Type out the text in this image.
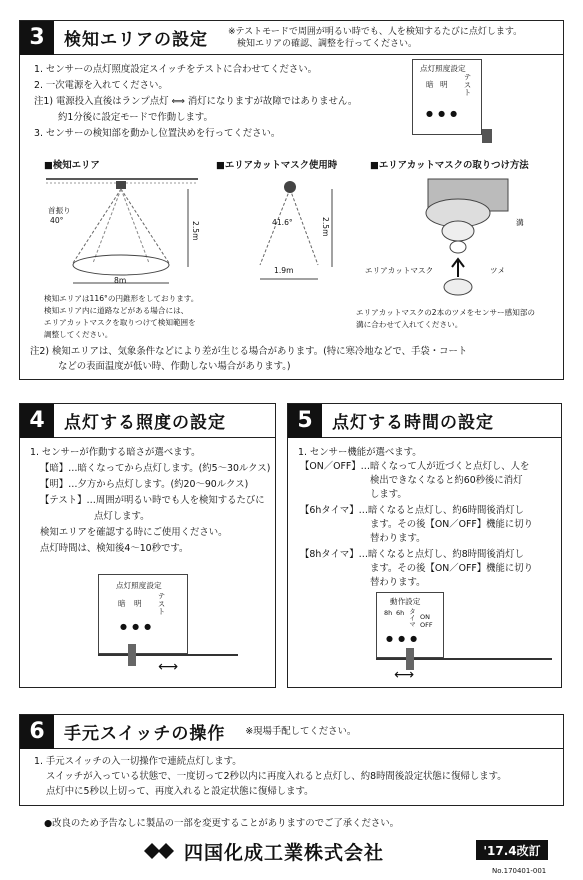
3	検知エリアの設定 ※テストモードで周囲が明るい時でも、人を検知するたびに点灯します。
検知エリアの確認、調整を行ってください。
1. センサーの点灯照度設定スイッチをテストに合わせてください。
2. 一次電源を入れてください。
注1) 電源投入直後はランプ点灯 ⟺ 消灯になりますが故障ではありません。
約1分後に設定モードで作動します。
3. センサーの検知部を動かし位置決めを行ってください。
点灯照度設定
暗 明 テスト
●  ●  ●
■検知エリア	■エリアカットマスク使用時	■エリアカットマスクの取りつけ方法
首振り
40°
2.5m
8m
検知エリアは116°の円錐形をしております。
検知エリア内に道路などがある場合には、
エリアカットマスクを取りつけて検知範囲を
調整してください。
41.6°	2.5m
1.9m
溝
エリアカットマスク	ツメ
エリアカットマスクの2本のツメをセンサー感知部の
溝に合わせて入れてください。
注2) 検知エリアは、気象条件などにより差が生じる場合があります。(特に寒冷地などで、手袋・コート
などの表面温度が低い時、作動しない場合があります。)
4	点灯する照度の設定
1. センサーが作動する暗さが選べます。
【暗】…暗くなってから点灯します。(約5～30ルクス)
【明】…夕方から点灯します。(約20～90ルクス)
【テスト】…周囲が明るい時でも人を検知するたびに
点灯します。
検知エリアを確認する時にご使用ください。
点灯時間は、検知後4～10秒です。
点灯照度設定
暗 明 テスト
●  ●  ●
⟷
5	点灯する時間の設定
1. センサー機能が選べます。
【ON／OFF】…暗くなって人が近づくと点灯し、人を
検出できなくなると約60秒後に消灯
します。
【6hタイマ】…暗くなると点灯し、約6時間後消灯し
ます。その後【ON／OFF】機能に切り
替わります。
【8hタイマ】…暗くなると点灯し、約8時間後消灯し
ます。その後【ON／OFF】機能に切り
替わります。
動作設定
8h 6h タイマ ON
OFF
●  ●  ●
⟷
6	手元スイッチの操作 ※現場手配してください。
1. 手元スイッチの入一切操作で連続点灯します。
スイッチが入っている状態で、一度切って2秒以内に再度入れると点灯し、約8時間後設定状態に復帰します。
点灯中に5秒以上切って、再度入れると設定状態に復帰します。
●改良のため予告なしに製品の一部を変更することがありますのでご了承ください。
四国化成工業株式会社	'17.4改訂
No.170401-001
